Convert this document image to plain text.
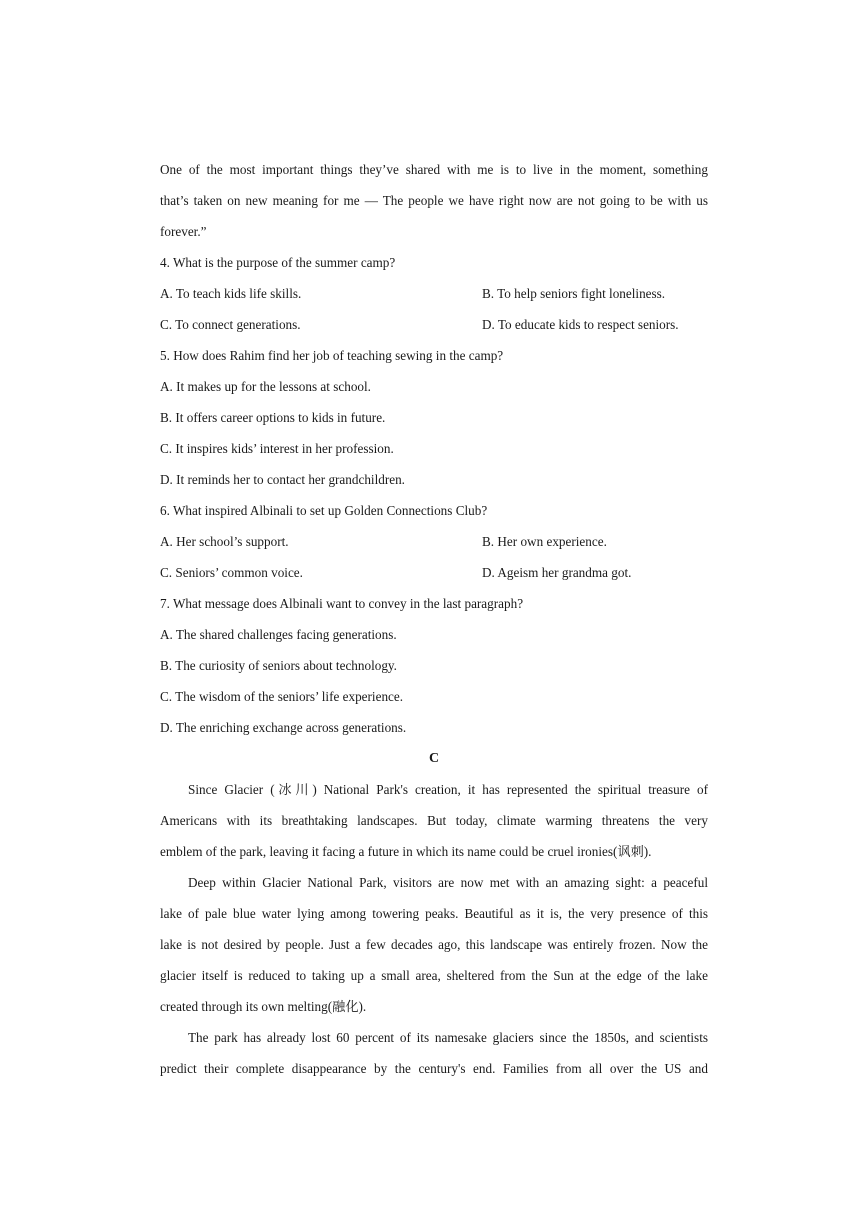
One of the most important things they’ve shared with me is to live in the moment, something
that’s taken on new meaning for me — The people we have right now are not going to be with us
forever.”
4. What is the purpose of the summer camp?
A. To teach kids life skills.	B. To help seniors fight loneliness.
C. To connect generations.	D. To educate kids to respect seniors.
5. How does Rahim find her job of teaching sewing in the camp?
A. It makes up for the lessons at school.
B. It offers career options to kids in future.
C. It inspires kids’ interest in her profession.
D. It reminds her to contact her grandchildren.
6. What inspired Albinali to set up Golden Connections Club?
A. Her school’s support.	B. Her own experience.
C. Seniors’ common voice.	D. Ageism her grandma got.
7. What message does Albinali want to convey in the last paragraph?
A. The shared challenges facing generations.
B. The curiosity of seniors about technology.
C. The wisdom of the seniors’ life experience.
D. The enriching exchange across generations.
C
Since Glacier (冰川) National Park's creation, it has represented the spiritual treasure of
Americans with its breathtaking landscapes. But today, climate warming threatens the very
emblem of the park, leaving it facing a future in which its name could be cruel ironies(讽刺).
Deep within Glacier National Park, visitors are now met with an amazing sight: a peaceful
lake of pale blue water lying among towering peaks. Beautiful as it is, the very presence of this
lake is not desired by people. Just a few decades ago, this landscape was entirely frozen. Now the
glacier itself is reduced to taking up a small area, sheltered from the Sun at the edge of the lake
created through its own melting(融化).
The park has already lost 60 percent of its namesake glaciers since the 1850s, and scientists
predict their complete disappearance by the century's end. Families from all over the US and
